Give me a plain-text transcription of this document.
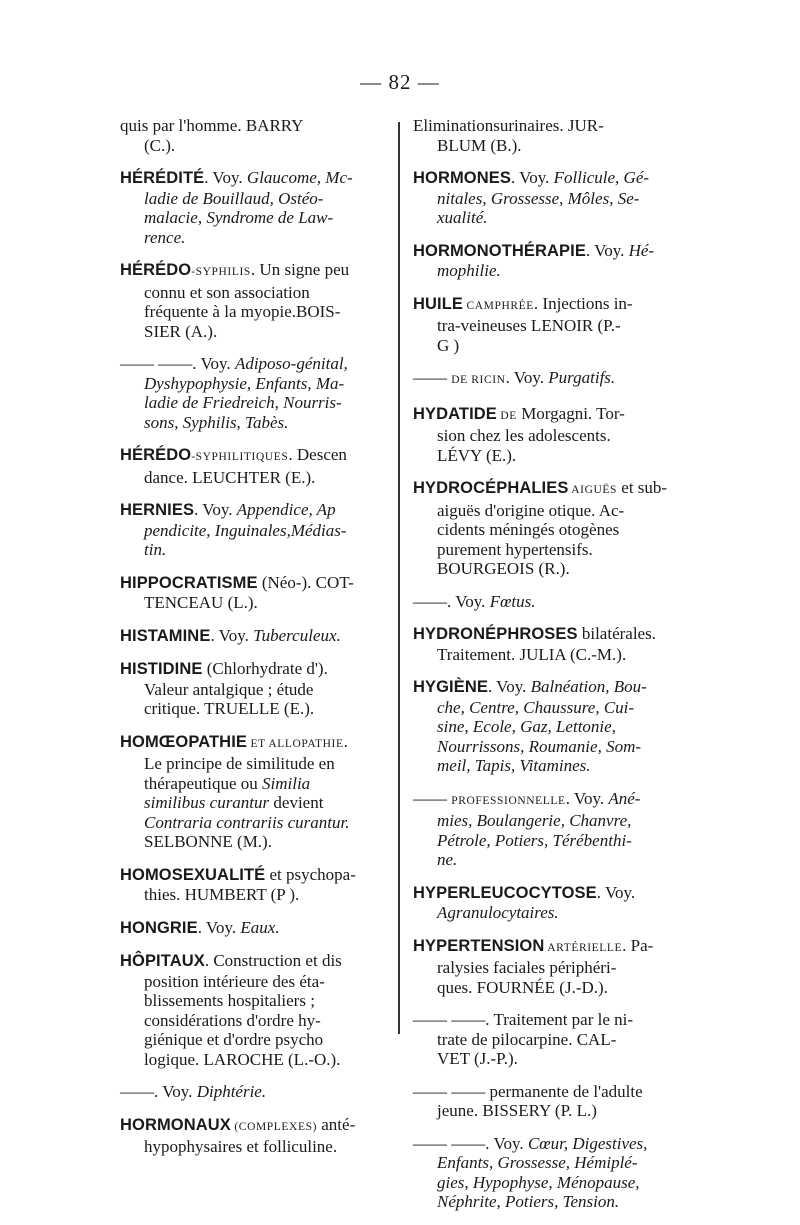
— 82 —
quis par l'homme. BARRY
(C.).
HÉRÉDITÉ. Voy. Glaucome, Mc-
ladie de Bouillaud, Ostéo-
malacie, Syndrome de Law-
rence.
HÉRÉDO-SYPHILIS. Un signe peu
connu et son association
fréquente à la myopie.BOIS-
SIER (A.).
—— ——. Voy. Adiposo-génital,
Dyshypophysie, Enfants, Ma-
ladie de Friedreich, Nourris-
sons, Syphilis, Tabès.
HÉRÉDO-SYPHILITIQUES. Descen
dance. LEUCHTER (E.).
HERNIES. Voy. Appendice, Ap
pendicite, Inguinales,Médias-
tin.
HIPPOCRATISME (Néo-). COT-
TENCEAU (L.).
HISTAMINE. Voy. Tuberculeux.
HISTIDINE (Chlorhydrate d').
Valeur antalgique ; étude
critique. TRUELLE (E.).
HOMŒOPATHIE ET ALLOPATHIE.
Le principe de similitude en
thérapeutique ou Similia
similibus curantur devient
Contraria contrariis curantur.
SELBONNE (M.).
HOMOSEXUALITÉ et psychopa-
thies. HUMBERT (P ).
HONGRIE. Voy. Eaux.
HÔPITAUX. Construction et dis
position intérieure des éta-
blissements hospitaliers ;
considérations d'ordre hy-
giénique et d'ordre psycho
logique. LAROCHE (L.-O.).
——. Voy. Diphtérie.
HORMONAUX (COMPLEXES) anté-
hypophysaires et folliculine.
Eliminationsurinaires. JUR-
BLUM (B.).
HORMONES. Voy. Follicule, Gé-
nitales, Grossesse, Môles, Se-
xualité.
HORMONOTHÉRAPIE. Voy. Hé-
mophilie.
HUILE CAMPHRÉE. Injections in-
tra-veineuses LENOIR (P.-
G )
—— DE RICIN. Voy. Purgatifs.
HYDATIDE DE Morgagni. Tor-
sion chez les adolescents.
LÉVY (E.).
HYDROCÉPHALIES AIGUËS et sub-
aiguës d'origine otique. Ac-
cidents méningés otogènes
purement hypertensifs.
BOURGEOIS (R.).
——. Voy. Fœtus.
HYDRONÉPHROSES bilatérales.
Traitement. JULIA (C.-M.).
HYGIÈNE. Voy. Balnéation, Bou-
che, Centre, Chaussure, Cui-
sine, Ecole, Gaz, Lettonie,
Nourrissons, Roumanie, Som-
meil, Tapis, Vitamines.
—— PROFESSIONNELLE. Voy. Ané-
mies, Boulangerie, Chanvre,
Pétrole, Potiers, Térébenthi-
ne.
HYPERLEUCOCYTOSE. Voy.
Agranulocytaires.
HYPERTENSION ARTÉRIELLE. Pa-
ralysies faciales périphéri-
ques. FOURNÉE (J.-D.).
—— ——. Traitement par le ni-
trate de pilocarpine. CAL-
VET (J.-P.).
—— —— permanente de l'adulte
jeune. BISSERY (P. L.)
—— ——. Voy. Cœur, Digestives,
Enfants, Grossesse, Hémiplé-
gies, Hypophyse, Ménopause,
Néphrite, Potiers, Tension.
